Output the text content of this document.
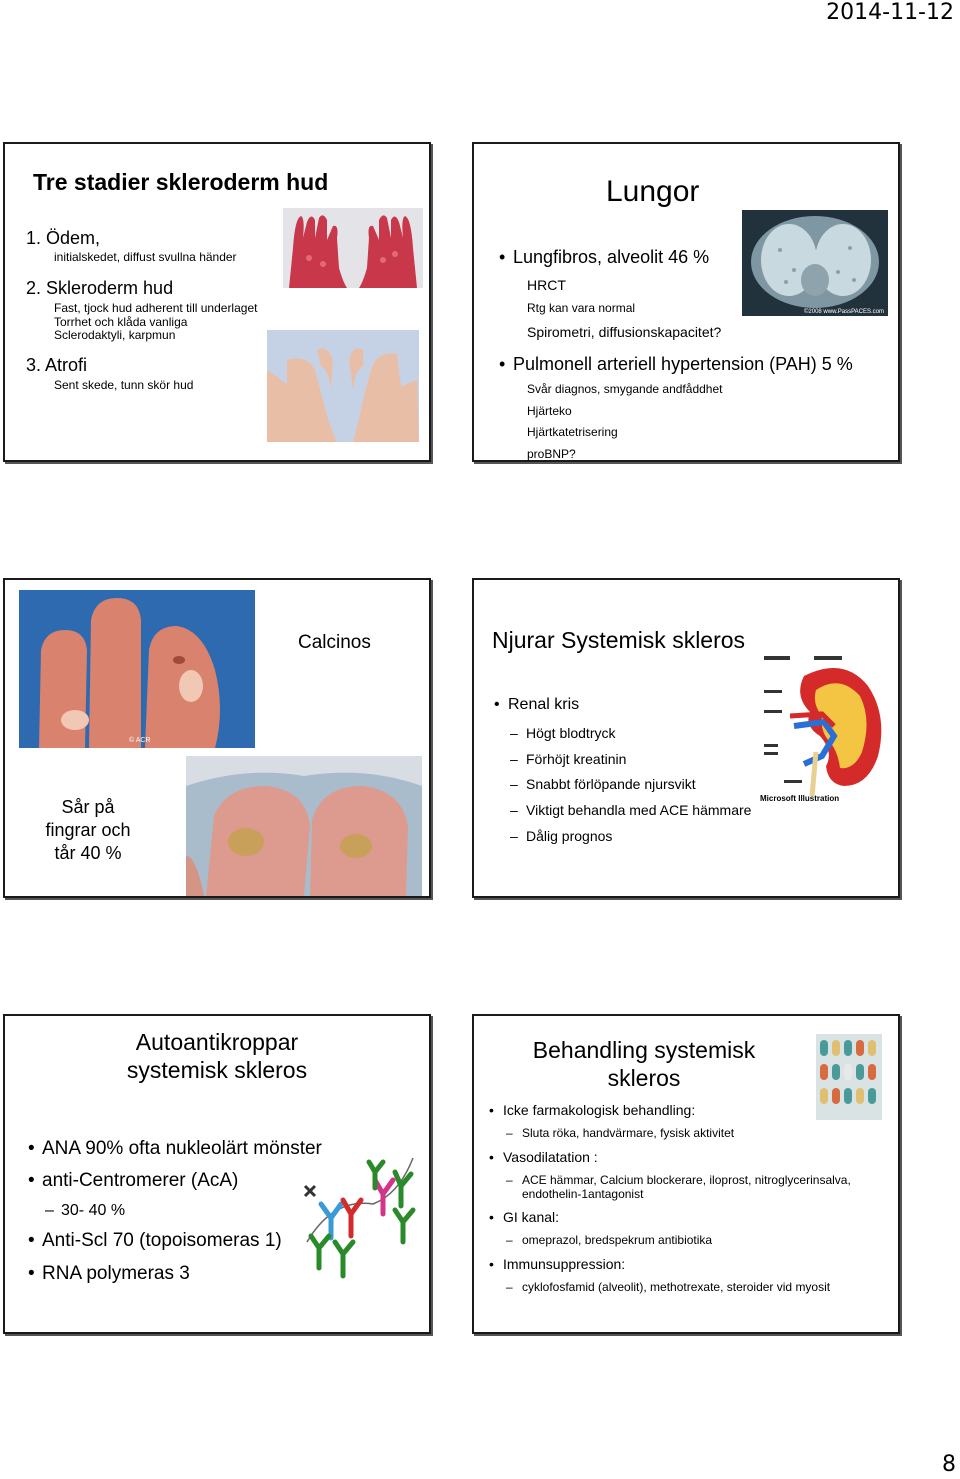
2014-11-12
8
Tre stadier skleroderm hud
1. Ödem,
initialskedet, diffust svullna händer
2. Skleroderm hud
Fast, tjock hud adherent till underlaget
Torrhet och klåda vanliga
Sclerodaktyli, karpmun
3. Atrofi
Sent skede, tunn skör hud
Lungor
©2008 www.PassPACES.com
• Lungfibros, alveolit 46 %
HRCT
Rtg kan vara normal
Spirometri, diffusionskapacitet?
• Pulmonell arteriell hypertension (PAH) 5 %
Svår diagnos, smygande andfåddhet
Hjärteko
Hjärtkatetrisering
proBNP?
© ACR
Calcinos
Sår på
fingrar och
tår 40 %
Njurar Systemisk skleros
Microsoft Illustration
• Renal kris
– Högt blodtryck
– Förhöjt kreatinin
– Snabbt förlöpande njursvikt
– Viktigt behandla med ACE hämmare
– Dålig prognos
Autoantikroppar
systemisk skleros
• ANA 90% ofta nukleolärt mönster
• anti-Centromerer (AcA)
– 30- 40 %
• Anti-Scl 70 (topoisomeras 1)
• RNA polymeras 3
Behandling systemisk
skleros
• Icke farmakologisk behandling:
– Sluta röka, handvärmare, fysisk aktivitet
• Vasodilatation :
– ACE hämmar, Calcium blockerare, iloprost, nitroglycerinsalva,
endothelin-1antagonist
• GI kanal:
– omeprazol, bredspekrum antibiotika
• Immunsuppression:
– cyklofosfamid (alveolit), methotrexate, steroider vid myosit
